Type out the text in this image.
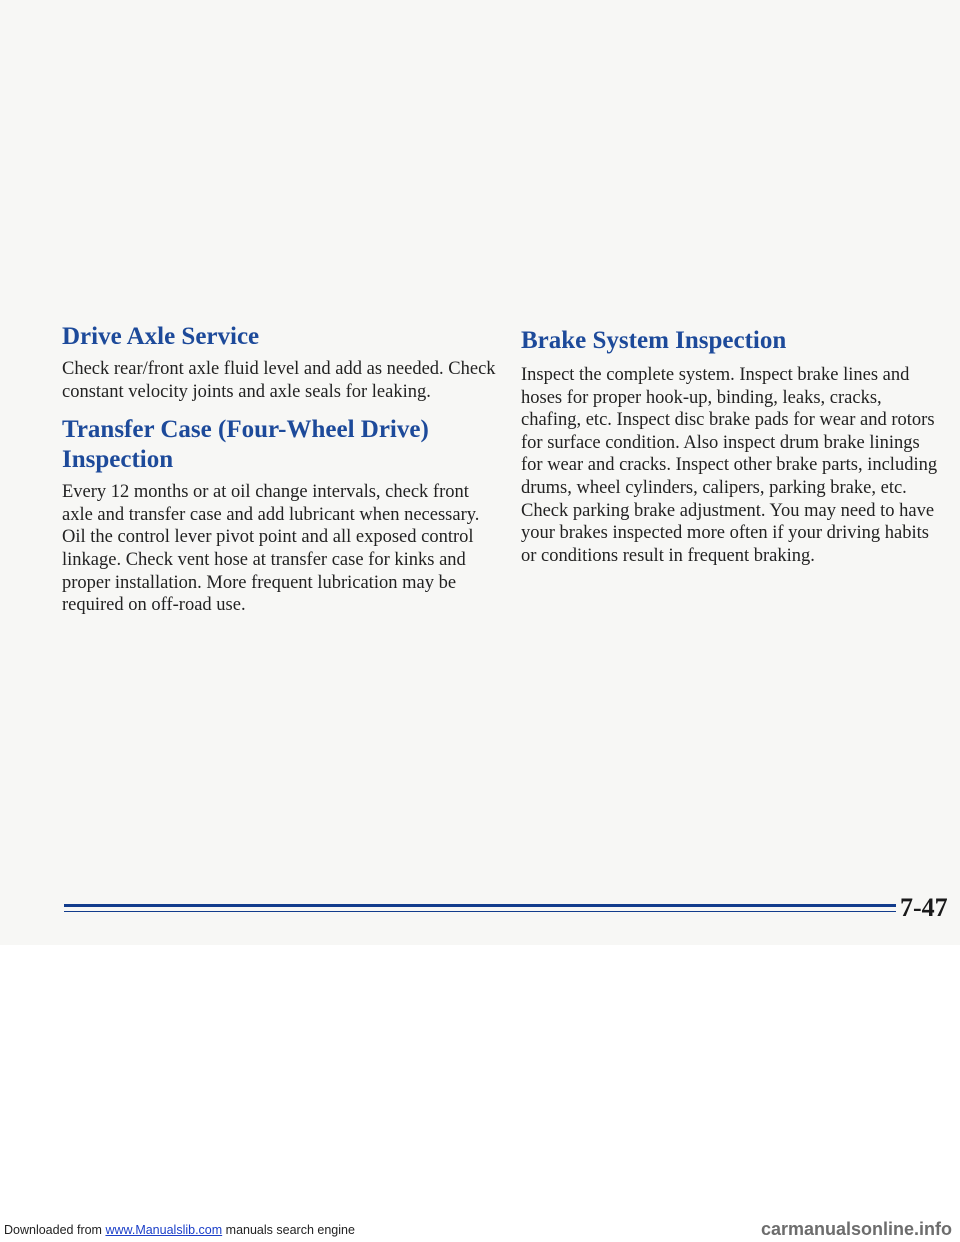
Drive Axle Service

Check rear/front axle fluid level and add as needed. Check constant velocity joints and axle seals for leaking.

Transfer Case (Four-Wheel Drive) Inspection

Every 12 months or at oil change intervals, check front axle and transfer case and add lubricant when necessary. Oil the control lever pivot point and all exposed control linkage. Check vent hose at transfer case for kinks and proper installation. More frequent lubrication may be required on off-road use.

Brake System Inspection

Inspect the complete system. Inspect brake lines and hoses for proper hook-up, binding, leaks, cracks, chafing, etc. Inspect disc brake pads for wear and rotors for surface condition. Also inspect drum brake linings for wear and cracks. Inspect other brake parts, including drums, wheel cylinders, calipers, parking brake, etc. Check parking brake adjustment. You may need to have your brakes inspected more often if your driving habits or conditions result in frequent braking.

7-47
Downloaded from www.Manualslib.com manuals search engine	carmanualsonline.info
